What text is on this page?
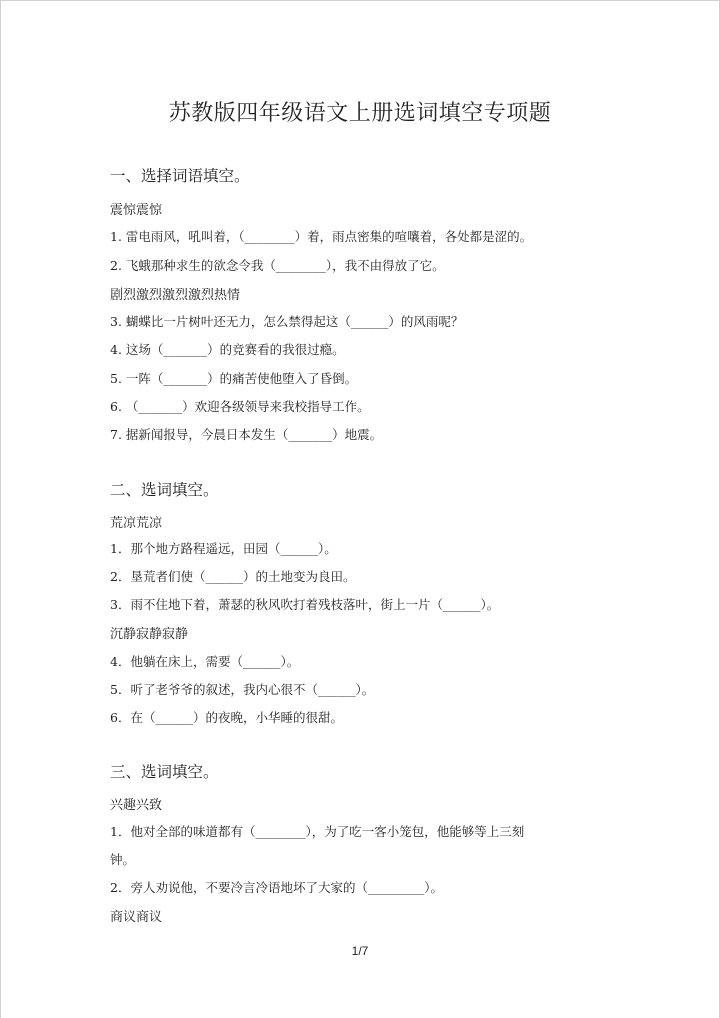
苏教版四年级语文上册选词填空专项题
一、选择词语填空。
震惊震惊
1. 雷电雨风，吼叫着，（________）着，雨点密集的喧嚷着，各处都是涩的。
2. 飞蛾那种求生的欲念令我（________），我不由得放了它。
剧烈激烈激烈激烈热情
3. 蝴蝶比一片树叶还无力，怎么禁得起这（______）的风雨呢？
4. 这场（_______）的竞赛看的我很过瘾。
5. 一阵（_______）的痛苦使他堕入了昏倒。
6. （_______）欢迎各级领导来我校指导工作。
7. 据新闻报导，今晨日本发生（_______）地震。
二、选词填空。
荒凉荒凉
1．那个地方路程遥远，田园（______）。
2．垦荒者们使（______）的土地变为良田。
3．雨不住地下着，萧瑟的秋风吹打着残枝落叶，街上一片（______）。
沉静寂静寂静
4．他躺在床上，需要（______）。
5．听了老爷爷的叙述，我内心很不（______）。
6．在（______）的夜晚，小华睡的很甜。
三、选词填空。
兴趣兴致
1．他对全部的味道都有（________），为了吃一客小笼包，他能够等上三刻
钟。
2．旁人劝说他，不要冷言冷语地坏了大家的（_________）。
商议商议
1/7
